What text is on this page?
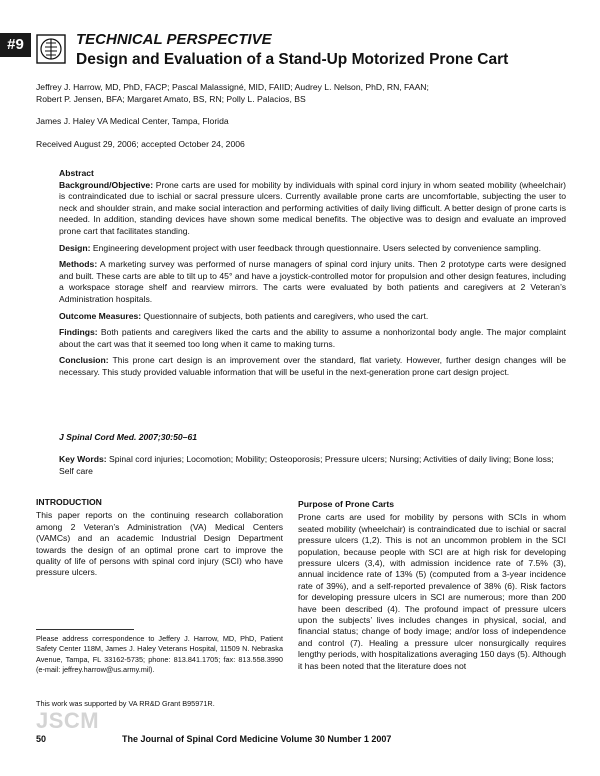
#9	TECHNICAL PERSPECTIVE
Design and Evaluation of a Stand-Up Motorized Prone Cart
Jeffrey J. Harrow, MD, PhD, FACP; Pascal Malassigné, MID, FAIID; Audrey L. Nelson, PhD, RN, FAAN;
Robert P. Jensen, BFA; Margaret Amato, BS, RN; Polly L. Palacios, BS
James J. Haley VA Medical Center, Tampa, Florida
Received August 29, 2006; accepted October 24, 2006

Abstract

Background/Objective: Prone carts are used for mobility by individuals with spinal cord injury in whom seated mobility (wheelchair) is contraindicated due to ischial or sacral pressure ulcers. Currently available prone carts are uncomfortable, subjecting the user to neck and shoulder strain, and make social interaction and performing activities of daily living difficult. A better design of prone carts is needed. In addition, standing devices have shown some medical benefits. The objective was to design and evaluate an improved prone cart that facilitates standing.

Design: Engineering development project with user feedback through questionnaire. Users selected by convenience sampling.

Methods: A marketing survey was performed of nurse managers of spinal cord injury units. Then 2 prototype carts were designed and built. These carts are able to tilt up to 45° and have a joystick-controlled motor for propulsion and other design features, including a workspace storage shelf and rearview mirrors. The carts were evaluated by both patients and caregivers at 2 Veteran’s Administration hospitals.

Outcome Measures: Questionnaire of subjects, both patients and caregivers, who used the cart.

Findings: Both patients and caregivers liked the carts and the ability to assume a nonhorizontal body angle. The major complaint about the cart was that it seemed too long when it came to making turns.

Conclusion: This prone cart design is an improvement over the standard, flat variety. However, further design changes will be necessary. This study provided valuable information that will be useful in the next-generation prone cart design project.

J Spinal Cord Med. 2007;30:50–61
Key Words: Spinal cord injuries; Locomotion; Mobility; Osteoporosis; Pressure ulcers; Nursing; Activities of daily living; Bone loss; Self care
INTRODUCTION

This paper reports on the continuing research collaboration among 2 Veteran’s Administration (VA) Medical Centers (VAMCs) and an academic Industrial Design Department towards the design of an optimal prone cart to improve the quality of life of persons with spinal cord injury (SCI) who have pressure ulcers.

Purpose of Prone Carts

Prone carts are used for mobility by persons with SCIs in whom seated mobility (wheelchair) is contraindicated due to ischial or sacral pressure ulcers (1,2). This is not an uncommon problem in the SCI population, because people with SCI are at high risk for developing pressure ulcers (3,4), with admission incidence rate of 7.5% (3), annual incidence rate of 13% (5) (computed from a 3-year incidence rate of 39%), and a self-reported prevalence of 38% (6). Risk factors for developing pressure ulcers in SCI are numerous; more than 200 have been described (4). The profound impact of pressure ulcers upon the subjects’ lives includes changes in physical, social, and financial status; change of body image; and/or loss of independence and control (7). Healing a pressure ulcer nonsurgically requires lengthy periods, with hospitalizations averaging 150 days (5). Although it has been noted that the literature does not

Please address correspondence to Jeffery J. Harrow, MD, PhD, Patient Safety Center 118M, James J. Haley Veterans Hospital, 11509 N. Nebraska Avenue, Tampa, FL 33162-5735; phone: 813.841.1705; fax: 813.558.3990 (e-mail: jeffrey.harrow@us.army.mil).
This work was supported by VA RR&D Grant B95971R.
JSCM
50	The Journal of Spinal Cord Medicine Volume 30 Number 1 2007
